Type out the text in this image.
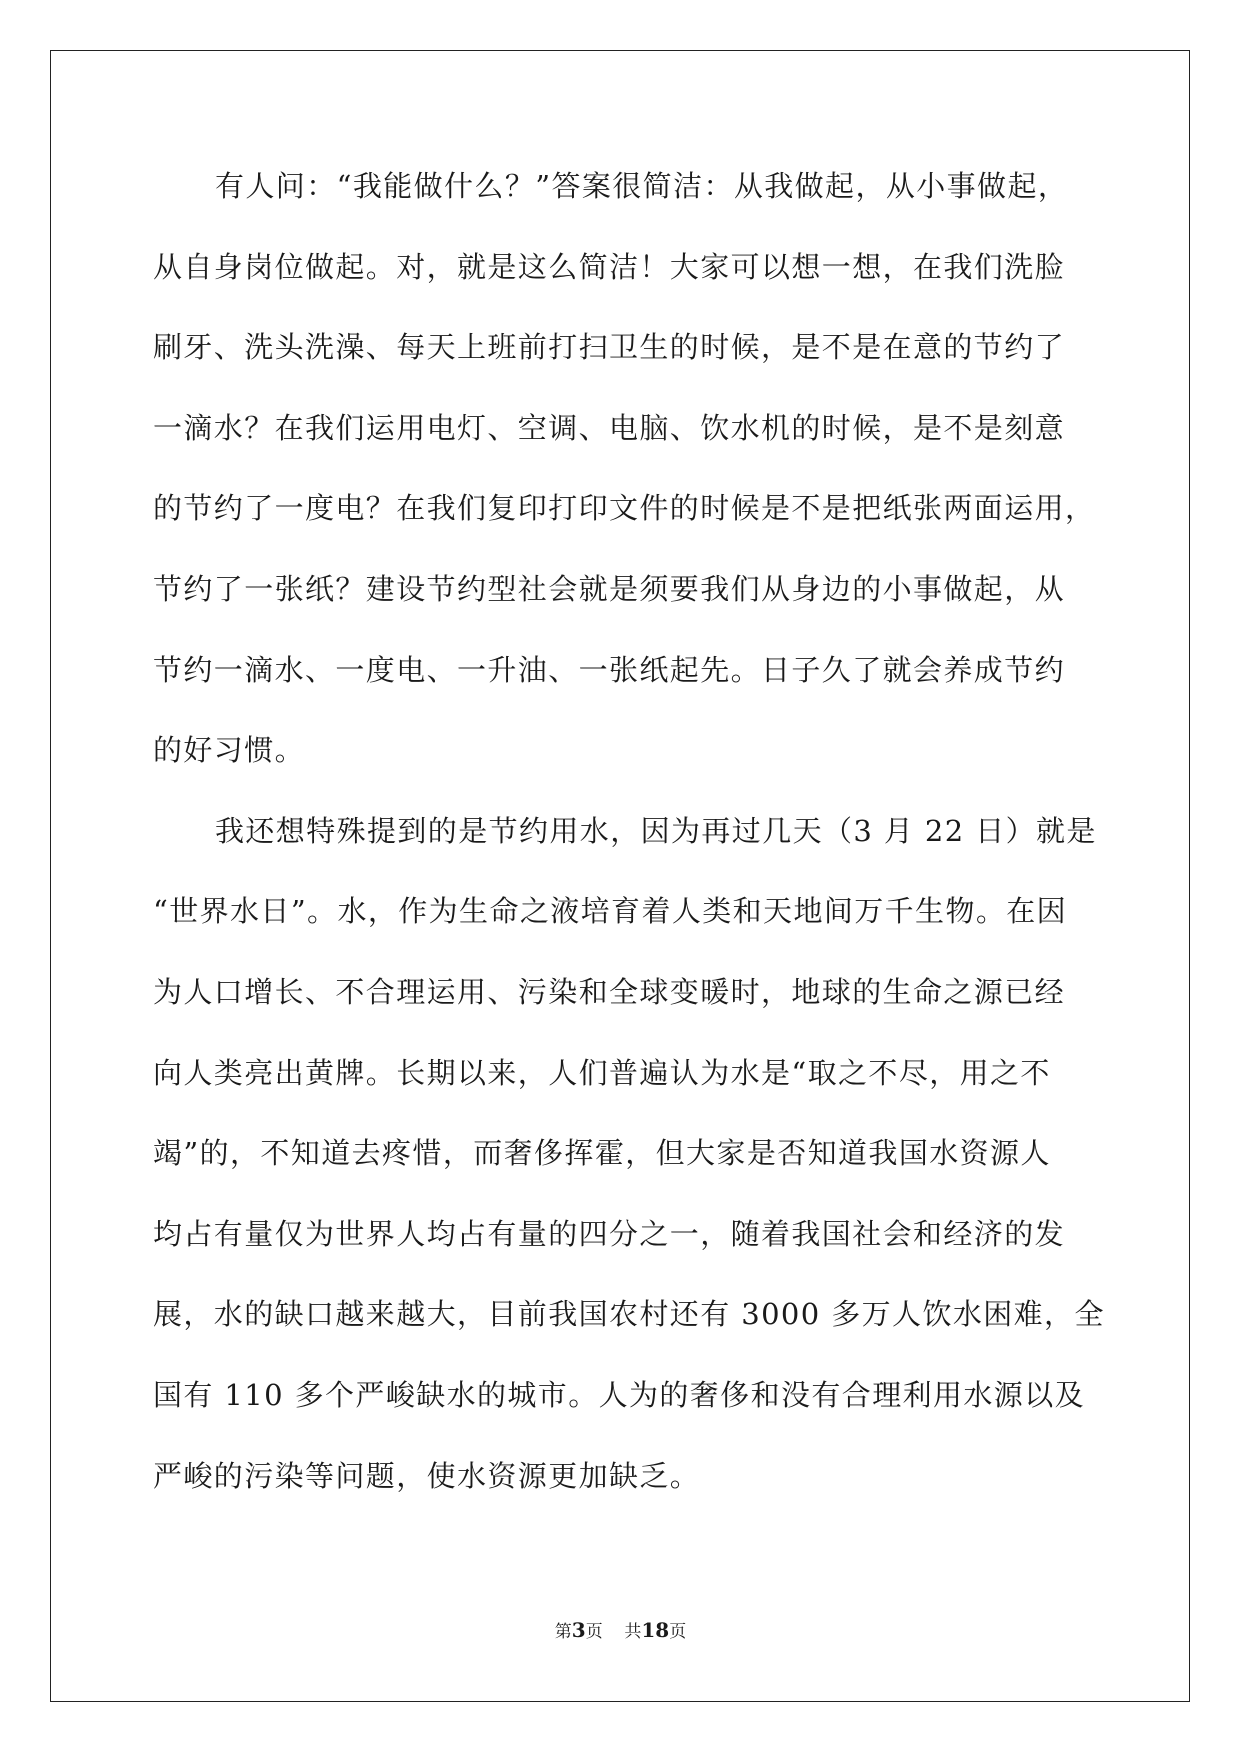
有人问：“我能做什么？”答案很简洁：从我做起，从小事做起，
从自身岗位做起。对，就是这么简洁！大家可以想一想，在我们洗脸
刷牙、洗头洗澡、每天上班前打扫卫生的时候，是不是在意的节约了
一滴水？在我们运用电灯、空调、电脑、饮水机的时候，是不是刻意
的节约了一度电？在我们复印打印文件的时候是不是把纸张两面运用，
节约了一张纸？建设节约型社会就是须要我们从身边的小事做起，从
节约一滴水、一度电、一升油、一张纸起先。日子久了就会养成节约
的好习惯。
我还想特殊提到的是节约用水，因为再过几天（3 月 22 日）就是
“世界水日”。水，作为生命之液培育着人类和天地间万千生物。在因
为人口增长、不合理运用、污染和全球变暖时，地球的生命之源已经
向人类亮出黄牌。长期以来，人们普遍认为水是“取之不尽，用之不
竭”的，不知道去疼惜，而奢侈挥霍，但大家是否知道我国水资源人
均占有量仅为世界人均占有量的四分之一，随着我国社会和经济的发
展，水的缺口越来越大，目前我国农村还有 3000 多万人饮水困难，全
国有 110 多个严峻缺水的城市。人为的奢侈和没有合理利用水源以及
严峻的污染等问题，使水资源更加缺乏。
第3页 共18页
